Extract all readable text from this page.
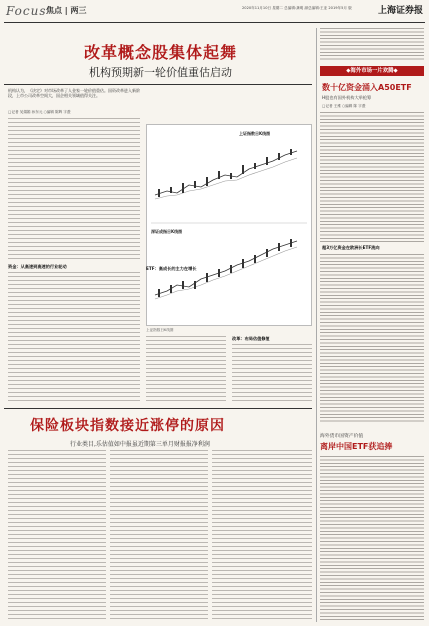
Focus 焦点 | 两三	2020年11月10日 星期二 总编辑:龚明 副总编辑:王亚 2019年5月 版	上海证券报
改革概念股集体起舞
机构预期新一轮价值重估启动
机构认为，《决定》对市场改革了人金家一轮价值重估。国资改革进入新阶段，上市公司改革空间大，国企相关领域值得关注。
□记者 吴娟娟 孙东元 ○编辑 陈辉 宇澄
资金：从高速到高速的行业轮动
上证指数日K线图
深证成指日K线图
上证指数日K线图
改革：布局估值修复
ETF：高成长的主力在增长
保险板块指数接近涨停的原因
行业类目,乐估值如中报虽近期第三单月财报报净利润
◆海外市场一片欢腾◆
数十亿资金涌入A50ETF
H股也有国外机构大举抢筹
□记者 王维 ○编辑 陈 宇澄
超3万亿资金在欧洲长ETF流向
海外货币国资产价值
离岸中国ETF获追捧
